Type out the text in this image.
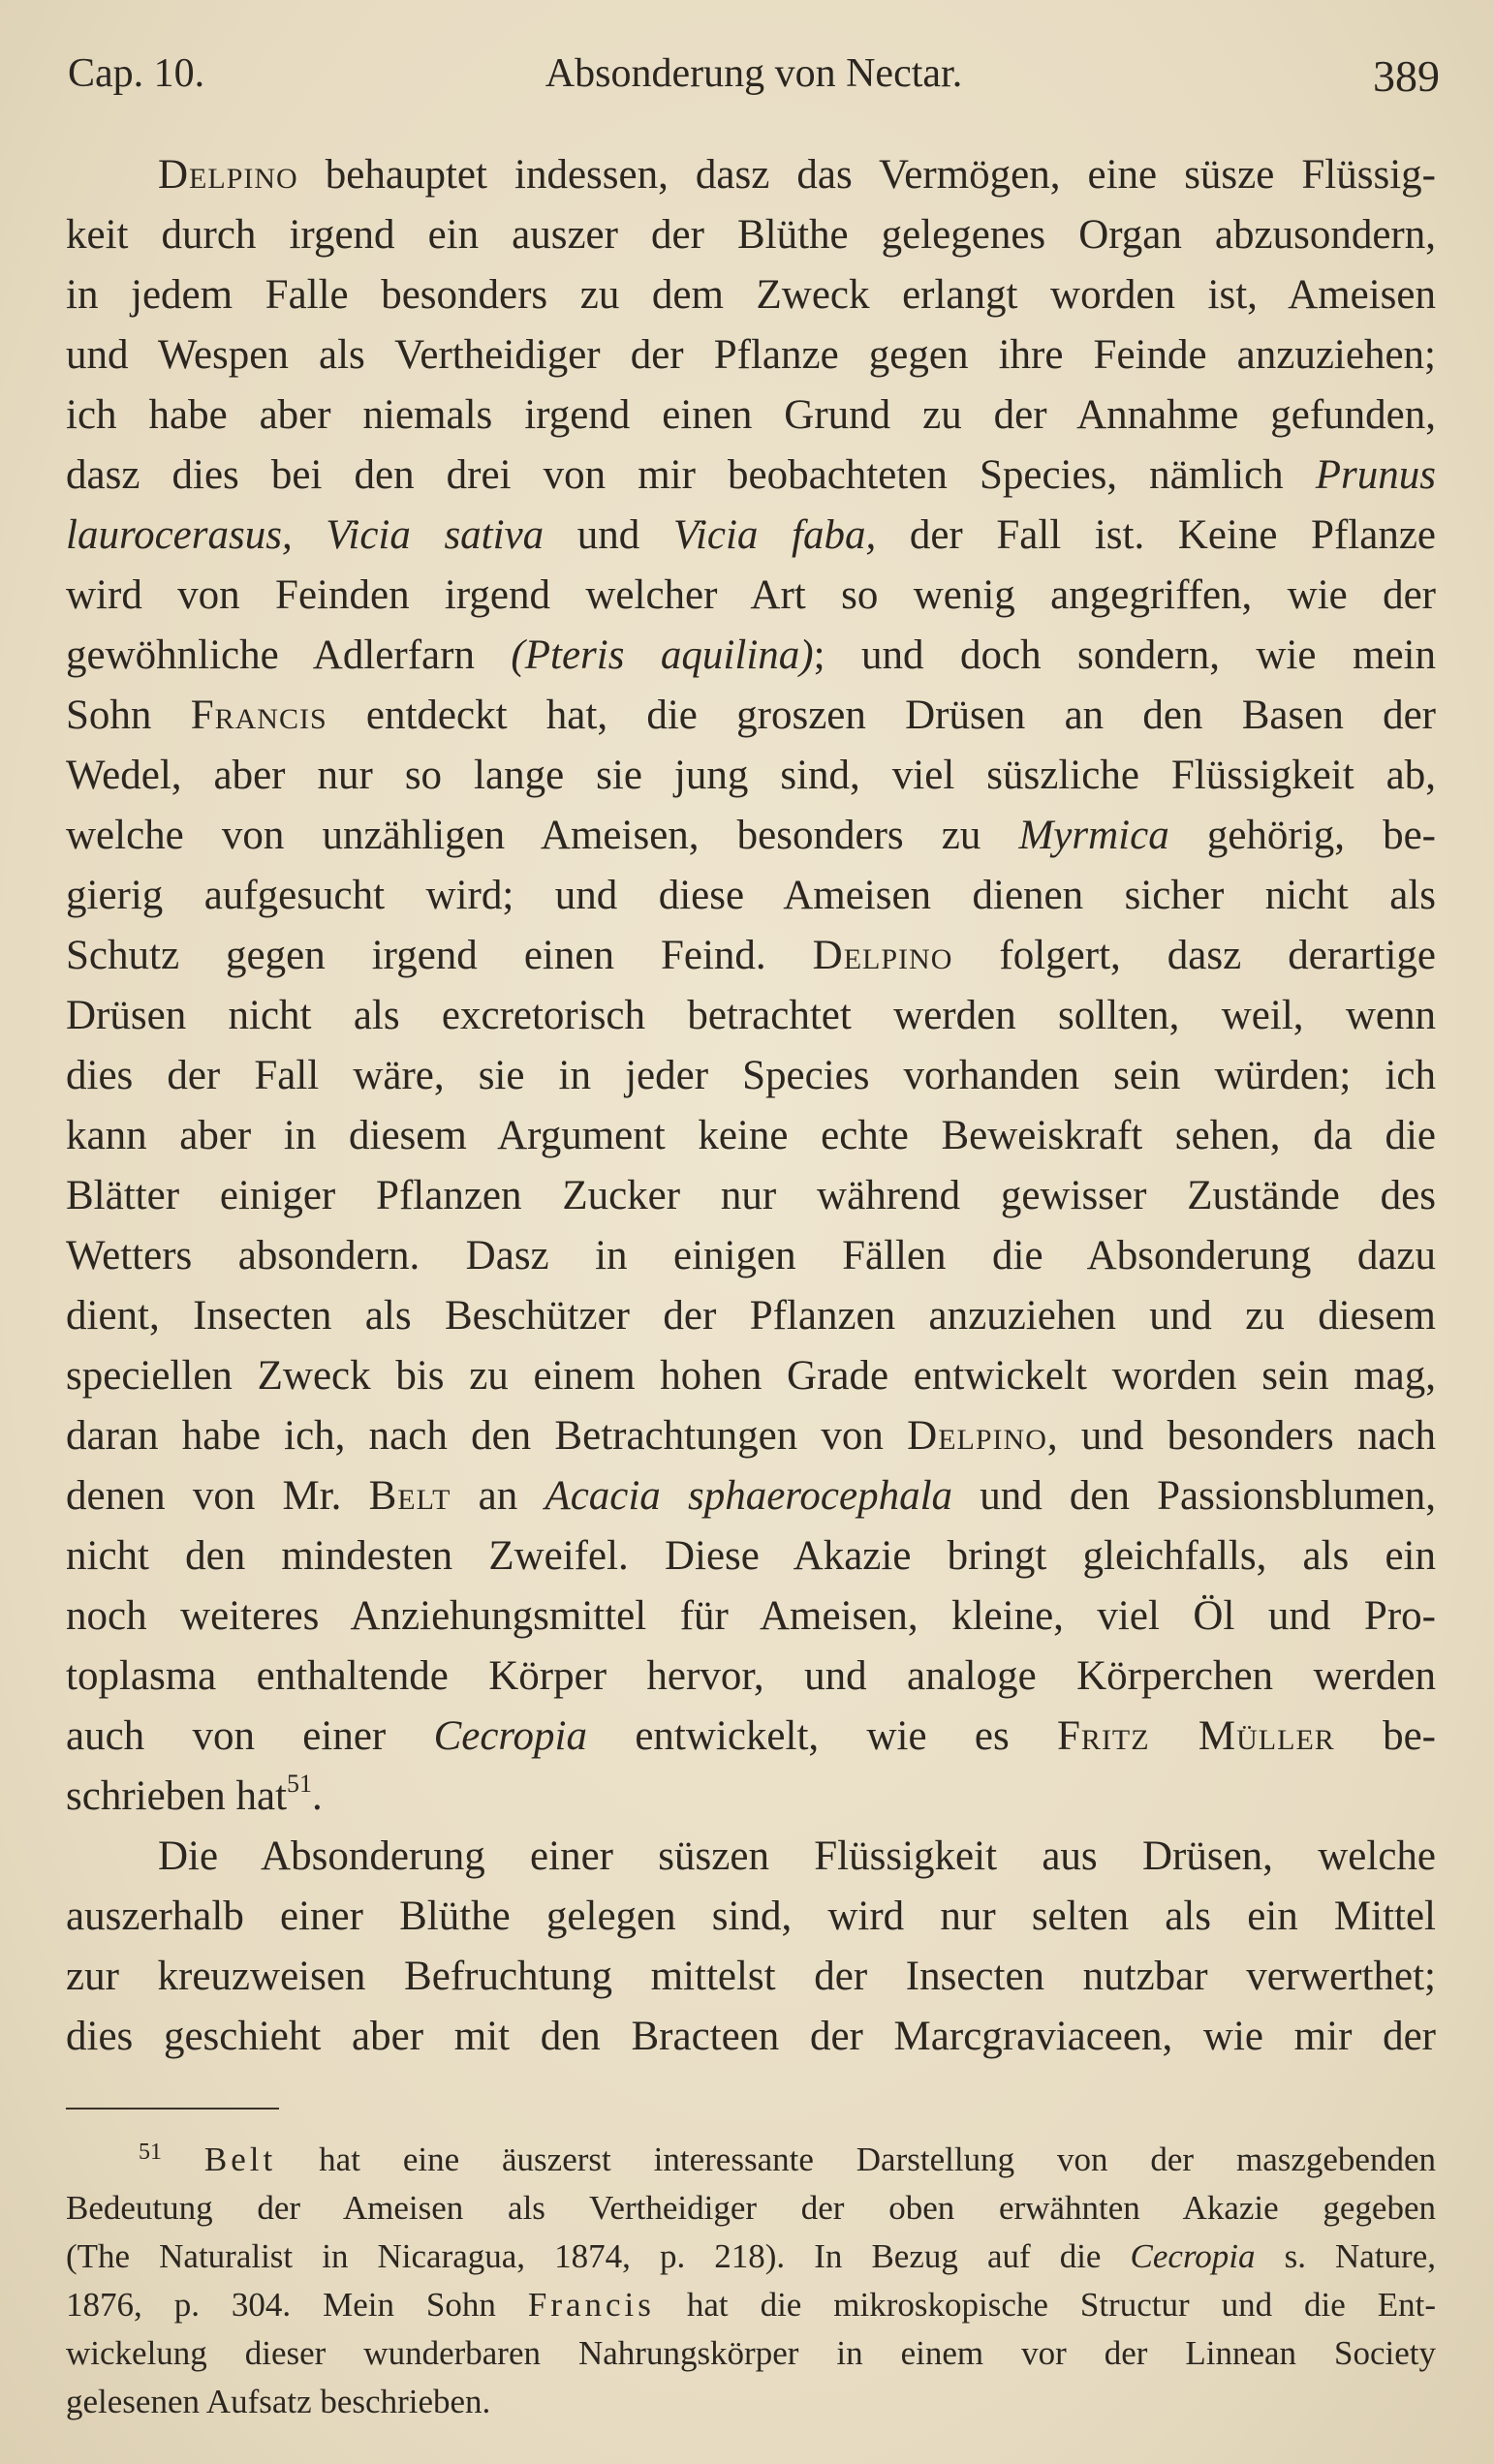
Cap. 10.	Absonderung von Nectar.	389
Delpino behauptet indessen, dasz das Vermögen, eine süsze Flüssig-
keit durch irgend ein auszer der Blüthe gelegenes Organ abzusondern,
in jedem Falle besonders zu dem Zweck erlangt worden ist, Ameisen
und Wespen als Vertheidiger der Pflanze gegen ihre Feinde anzuziehen;
ich habe aber niemals irgend einen Grund zu der Annahme gefunden,
dasz dies bei den drei von mir beobachteten Species, nämlich Prunus
laurocerasus, Vicia sativa und Vicia faba, der Fall ist. Keine Pflanze
wird von Feinden irgend welcher Art so wenig angegriffen, wie der
gewöhnliche Adlerfarn (Pteris aquilina); und doch sondern, wie mein
Sohn Francis entdeckt hat, die groszen Drüsen an den Basen der
Wedel, aber nur so lange sie jung sind, viel süszliche Flüssigkeit ab,
welche von unzähligen Ameisen, besonders zu Myrmica gehörig, be-
gierig aufgesucht wird; und diese Ameisen dienen sicher nicht als
Schutz gegen irgend einen Feind. Delpino folgert, dasz derartige
Drüsen nicht als excretorisch betrachtet werden sollten, weil, wenn
dies der Fall wäre, sie in jeder Species vorhanden sein würden; ich
kann aber in diesem Argument keine echte Beweiskraft sehen, da die
Blätter einiger Pflanzen Zucker nur während gewisser Zustände des
Wetters absondern. Dasz in einigen Fällen die Absonderung dazu
dient, Insecten als Beschützer der Pflanzen anzuziehen und zu diesem
speciellen Zweck bis zu einem hohen Grade entwickelt worden sein mag,
daran habe ich, nach den Betrachtungen von Delpino, und besonders nach
denen von Mr. Belt an Acacia sphaerocephala und den Passionsblumen,
nicht den mindesten Zweifel. Diese Akazie bringt gleichfalls, als ein
noch weiteres Anziehungsmittel für Ameisen, kleine, viel Öl und Pro-
toplasma enthaltende Körper hervor, und analoge Körperchen werden
auch von einer Cecropia entwickelt, wie es Fritz Müller be-
schrieben hat$^{51}$.
Die Absonderung einer süszen Flüssigkeit aus Drüsen, welche
auszerhalb einer Blüthe gelegen sind, wird nur selten als ein Mittel
zur kreuzweisen Befruchtung mittelst der Insecten nutzbar verwerthet;
dies geschieht aber mit den Bracteen der Marcgraviaceen, wie mir der
$^{51}$ Belt hat eine äuszerst interessante Darstellung von der maszgebenden
Bedeutung der Ameisen als Vertheidiger der oben erwähnten Akazie gegeben
(The Naturalist in Nicaragua, 1874, p. 218). In Bezug auf die Cecropia s. Nature,
1876, p. 304. Mein Sohn Francis hat die mikroskopische Structur und die Ent-
wickelung dieser wunderbaren Nahrungskörper in einem vor der Linnean Society
gelesenen Aufsatz beschrieben.
